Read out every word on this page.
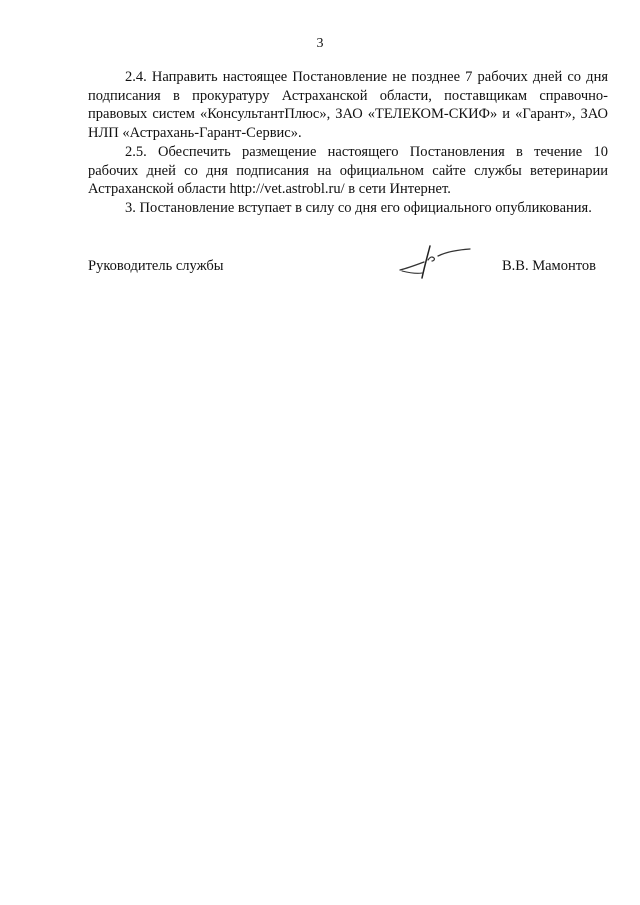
3

2.4. Направить настоящее Постановление не позднее 7 рабочих дней со дня подписания в прокуратуру Астраханской области, поставщикам справочно-правовых систем «КонсультантПлюс», ЗАО «ТЕЛЕКОМ-СКИФ» и «Гарант», ЗАО НЛП «Астрахань-Гарант-Сервис».

2.5. Обеспечить размещение настоящего Постановления в течение 10 рабочих дней со дня подписания на официальном сайте службы ветеринарии Астраханской области http://vet.astrobl.ru/ в сети Интернет.

3. Постановление вступает в силу со дня его официального опубликования.

Руководитель службы	В.В. Мамонтов
